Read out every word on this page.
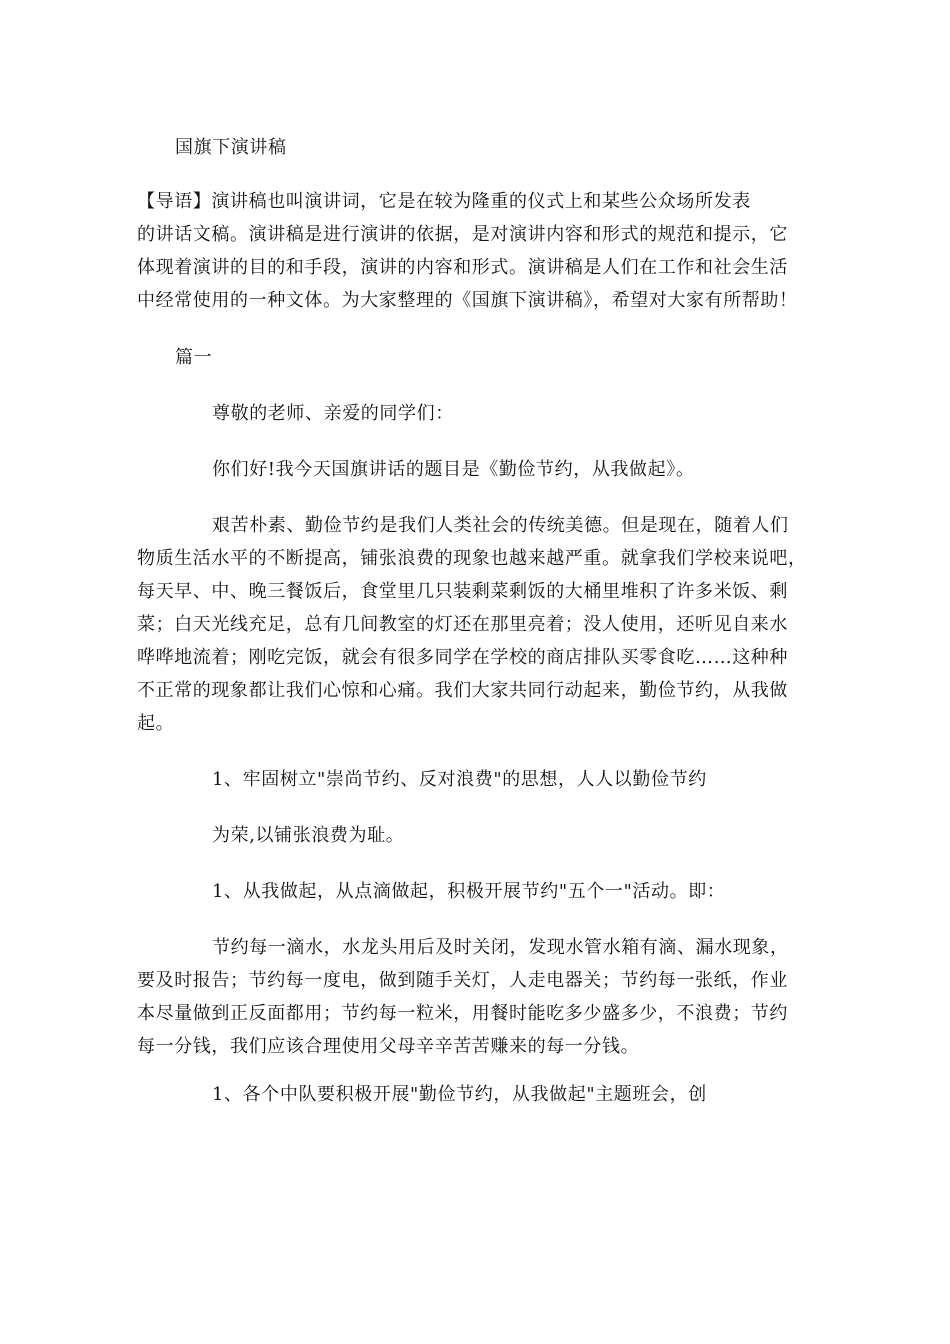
国旗下演讲稿
【导语】演讲稿也叫演讲词，它是在较为隆重的仪式上和某些公众场所发表
的讲话文稿。演讲稿是进行演讲的依据，是对演讲内容和形式的规范和提示，它
体现着演讲的目的和手段，演讲的内容和形式。演讲稿是人们在工作和社会生活
中经常使用的一种文体。为大家整理的《国旗下演讲稿》，希望对大家有所帮助！
篇一
尊敬的老师、亲爱的同学们：
你们好!我今天国旗讲话的题目是《勤俭节约，从我做起》。
艰苦朴素、勤俭节约是我们人类社会的传统美德。但是现在，随着人们
物质生活水平的不断提高，铺张浪费的现象也越来越严重。就拿我们学校来说吧，
每天早、中、晚三餐饭后，食堂里几只装剩菜剩饭的大桶里堆积了许多米饭、剩
菜；白天光线充足，总有几间教室的灯还在那里亮着；没人使用，还听见自来水
哗哗地流着；刚吃完饭，就会有很多同学在学校的商店排队买零食吃……这种种
不正常的现象都让我们心惊和心痛。我们大家共同行动起来，勤俭节约，从我做
起。
1、牢固树立"崇尚节约、反对浪费"的思想，人人以勤俭节约
为荣,以铺张浪费为耻。
1、从我做起，从点滴做起，积极开展节约"五个一"活动。即：
节约每一滴水，水龙头用后及时关闭，发现水管水箱有滴、漏水现象，
要及时报告；节约每一度电，做到随手关灯，人走电器关；节约每一张纸，作业
本尽量做到正反面都用；节约每一粒米，用餐时能吃多少盛多少，不浪费；节约
每一分钱，我们应该合理使用父母辛辛苦苦赚来的每一分钱。
1、各个中队要积极开展"勤俭节约，从我做起"主题班会，创
